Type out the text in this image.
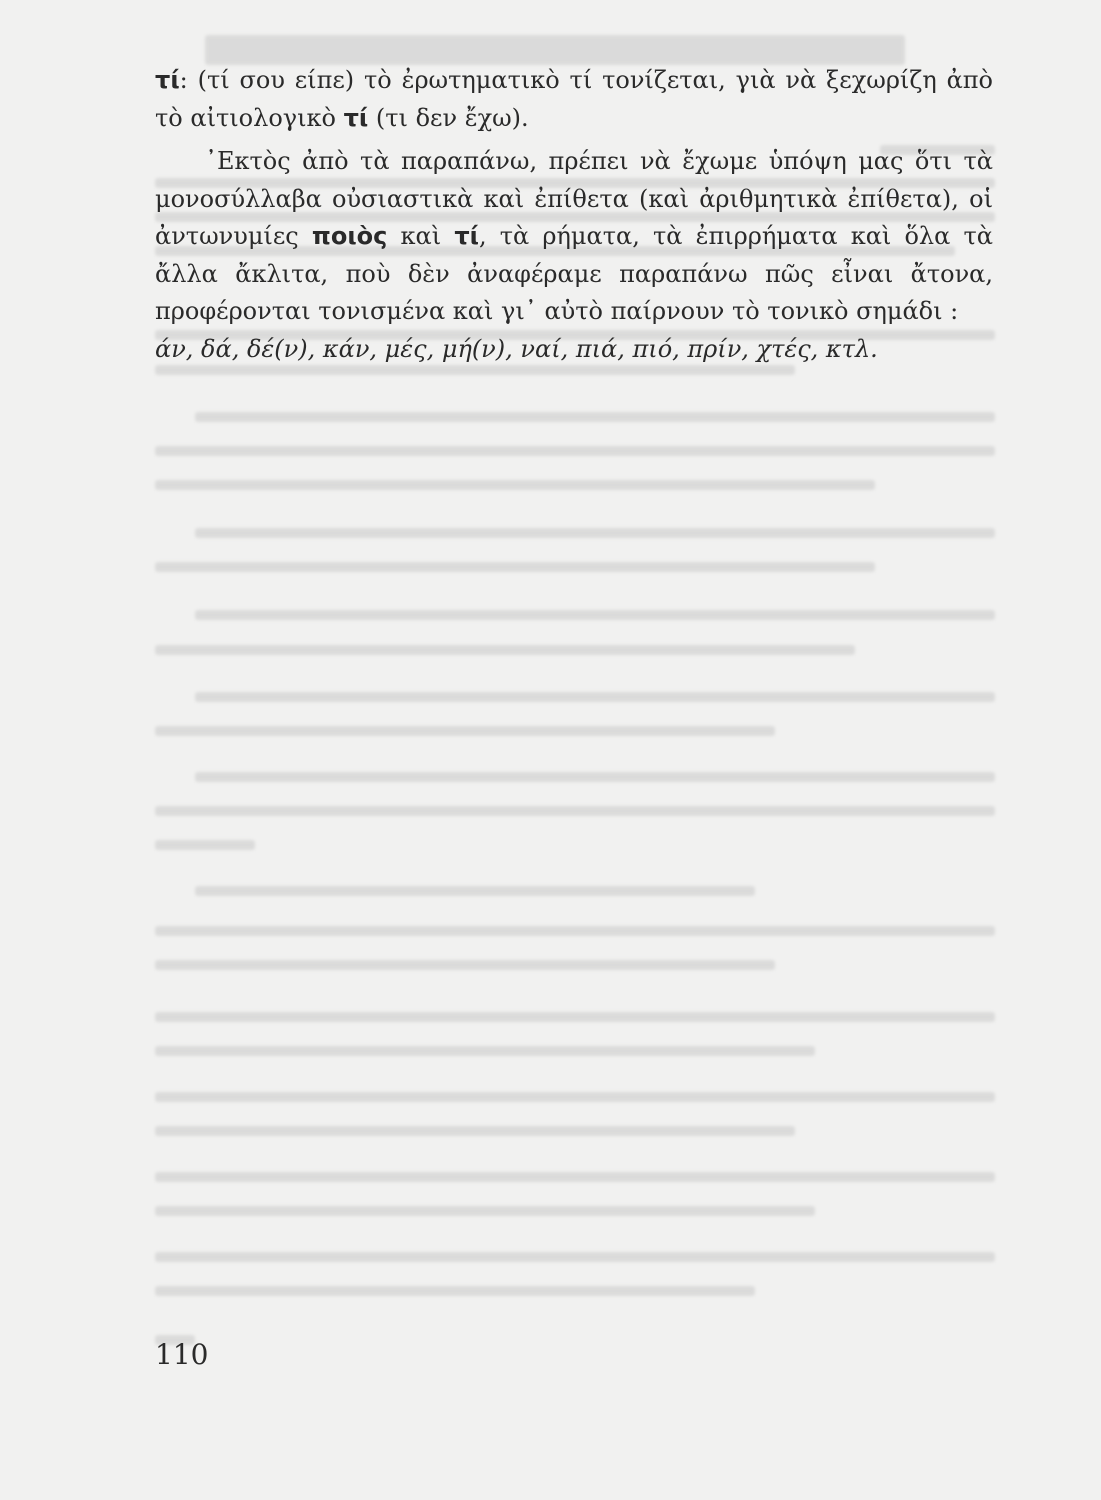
τί: (τί σου είπε) τὸ ἐρωτηματικὸ τί τονίζεται, γιὰ νὰ ξεχωρίζη ἀπὸ τὸ αἰτιολογικὸ τί (τι δεν ἔχω).

᾿Εκτὸς ἀπὸ τὰ παραπάνω, πρέπει νὰ ἔχωμε ὑπόψη μας ὅτι τὰ μονοσύλλαβα οὐσιαστικὰ καὶ ἐπίθετα (καὶ ἀριθμητικὰ ἐπίθετα), οἱ ἀντωνυμίες ποιὸς καὶ τί, τὰ ρήματα, τὰ ἐπιρρήματα καὶ ὅλα τὰ ἄλλα ἄκλιτα, ποὺ δὲν ἀναφέραμε παραπάνω πῶς εἶναι ἄτονα, προφέρονται τονισμένα καὶ γι᾿ αὐτὸ παίρνουν τὸ τονικὸ σημάδι :

άν, δά, δέ(ν), κάν, μές, μή(ν), ναί, πιά, πιό, πρίν, χτές, κτλ.

110
